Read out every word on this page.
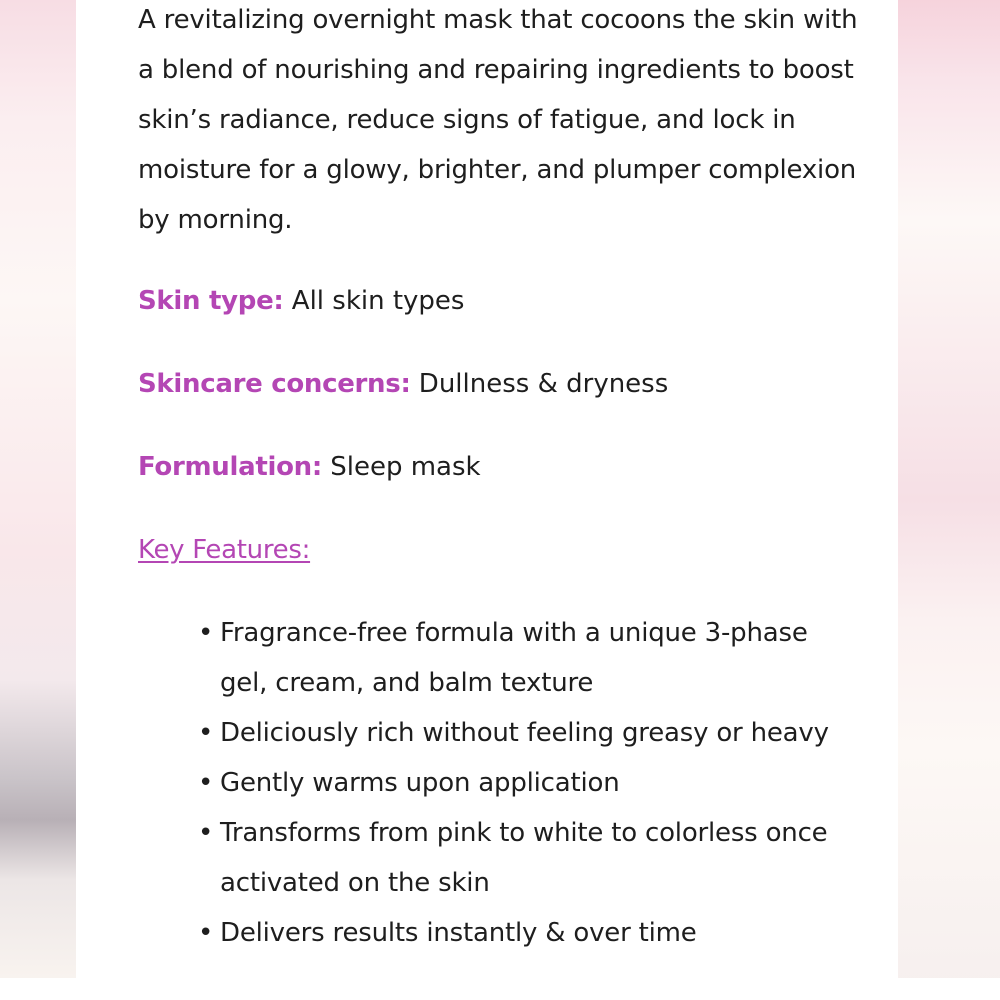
A revitalizing overnight mask that cocoons the skin with a blend of nourishing and repairing ingredients to boost skin’s radiance, reduce signs of fatigue, and lock in moisture for a glowy, brighter, and plumper complexion by morning.

Skin type: All skin types

Skincare concerns: Dullness & dryness

Formulation: Sleep mask

Key Features:

• Fragrance-free formula with a unique 3-phase gel, cream, and balm texture
• Deliciously rich without feeling greasy or heavy
• Gently warms upon application
• Transforms from pink to white to colorless once activated on the skin
• Delivers results instantly & over time
